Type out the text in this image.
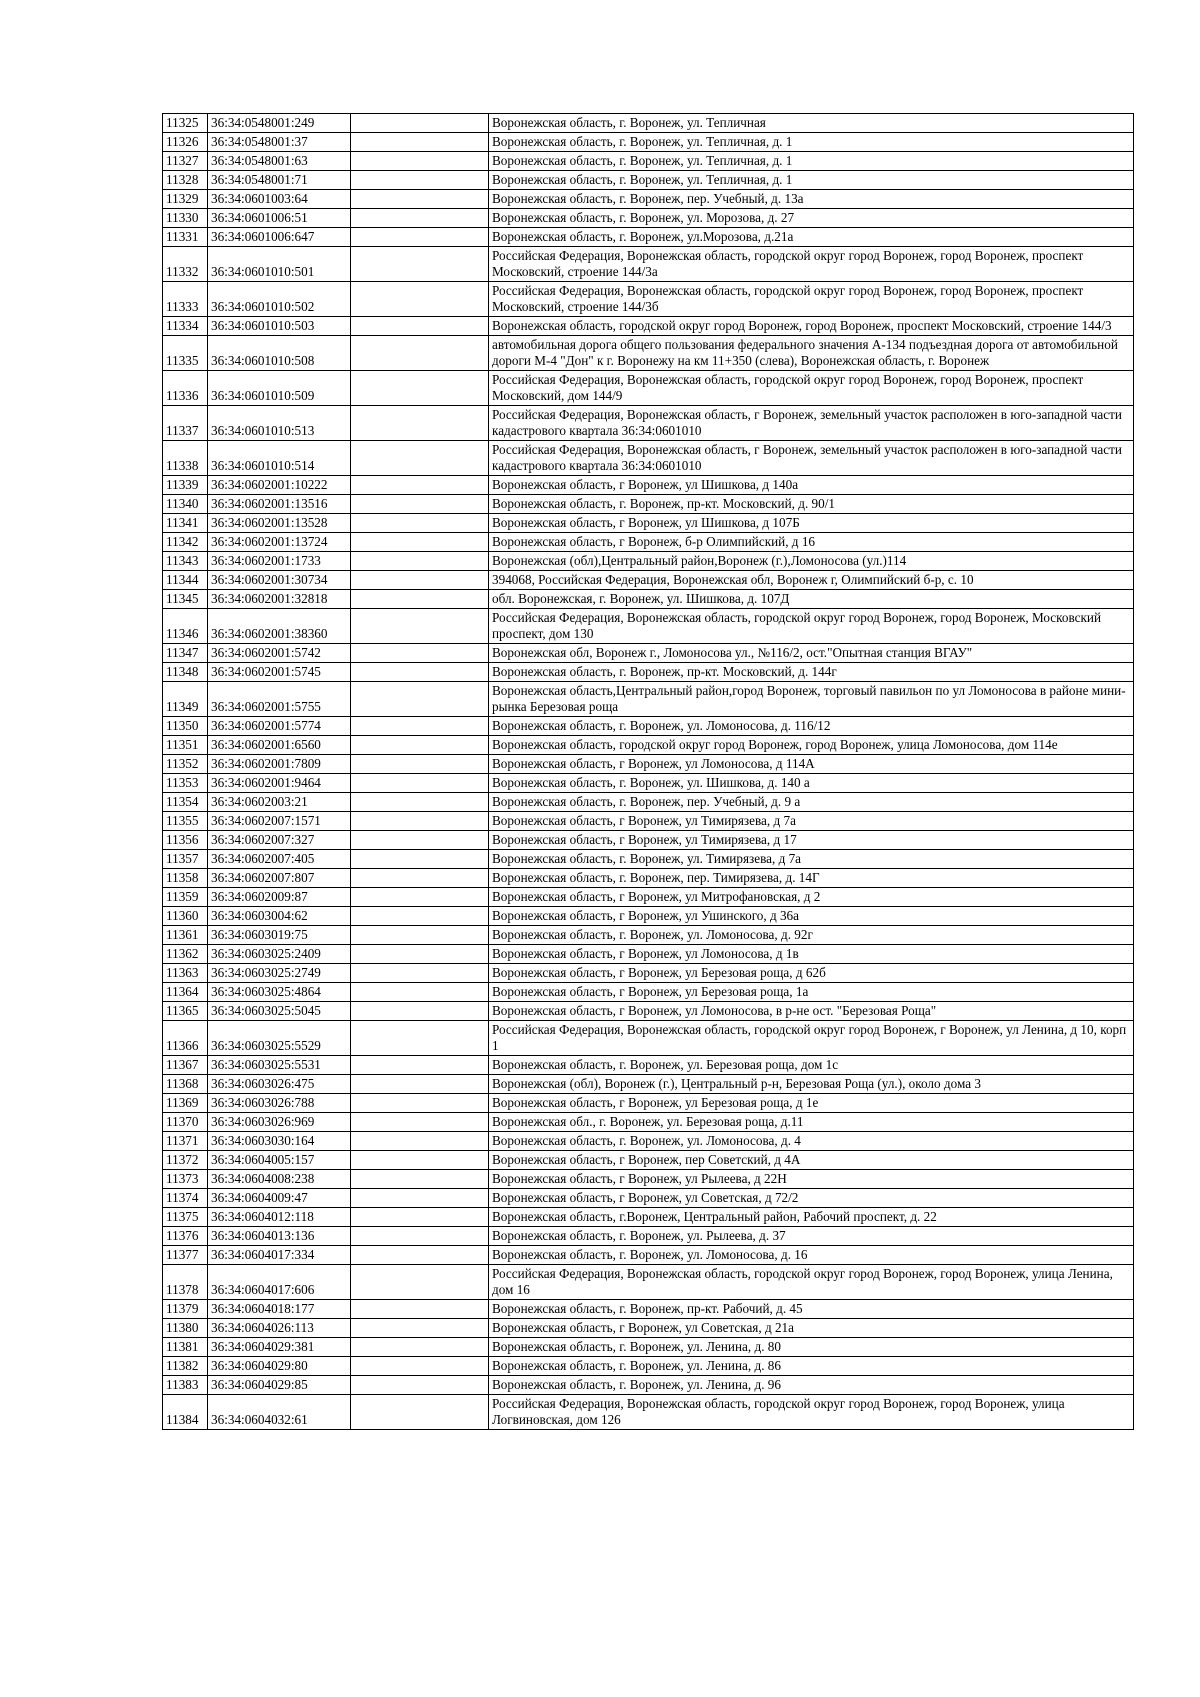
11325	36:34:0548001:249		Воронежская область, г. Воронеж, ул. Тепличная
11326	36:34:0548001:37		Воронежская область, г. Воронеж, ул. Тепличная, д. 1
11327	36:34:0548001:63		Воронежская область, г. Воронеж, ул. Тепличная, д. 1
11328	36:34:0548001:71		Воронежская область, г. Воронеж, ул. Тепличная, д. 1
11329	36:34:0601003:64		Воронежская область, г. Воронеж, пер. Учебный, д. 13а
11330	36:34:0601006:51		Воронежская область, г. Воронеж, ул. Морозова, д. 27
11331	36:34:0601006:647		Воронежская область, г. Воронеж, ул.Морозова, д.21а
11332	36:34:0601010:501		Российская Федерация, Воронежская область, городской округ город Воронеж, город Воронеж, проспект Московский, строение 144/3а
11333	36:34:0601010:502		Российская Федерация, Воронежская область, городской округ город Воронеж, город Воронеж, проспект Московский, строение 144/3б
11334	36:34:0601010:503		Воронежская область, городской округ город Воронеж, город Воронеж, проспект Московский, строение 144/3
11335	36:34:0601010:508		автомобильная дорога общего пользования федерального значения А-134 подъездная дорога от автомобильной дороги М-4 "Дон" к г. Воронежу на км 11+350 (слева), Воронежская область, г. Воронеж
11336	36:34:0601010:509		Российская Федерация, Воронежская область, городской округ город Воронеж, город Воронеж, проспект Московский, дом 144/9
11337	36:34:0601010:513		Российская Федерация, Воронежская область, г Воронеж, земельный участок расположен в юго-западной части кадастрового квартала 36:34:0601010
11338	36:34:0601010:514		Российская Федерация, Воронежская область, г Воронеж, земельный участок расположен в юго-западной части кадастрового квартала 36:34:0601010
11339	36:34:0602001:10222		Воронежская область, г Воронеж, ул Шишкова, д 140а
11340	36:34:0602001:13516		Воронежская область, г. Воронеж, пр-кт. Московский, д. 90/1
11341	36:34:0602001:13528		Воронежская область, г Воронеж, ул Шишкова, д 107Б
11342	36:34:0602001:13724		Воронежская область, г Воронеж, б-р Олимпийский, д 16
11343	36:34:0602001:1733		Воронежская (обл),Центральный район,Воронеж (г.),Ломоносова (ул.)114
11344	36:34:0602001:30734		394068, Российская Федерация, Воронежская обл, Воронеж г, Олимпийский б-р, с. 10
11345	36:34:0602001:32818		обл. Воронежская, г. Воронеж, ул. Шишкова, д. 107Д
11346	36:34:0602001:38360		Российская Федерация, Воронежская область, городской округ город Воронеж, город Воронеж, Московский проспект, дом 130
11347	36:34:0602001:5742		Воронежская обл, Воронеж г., Ломоносова ул., №116/2, ост."Опытная станция ВГАУ"
11348	36:34:0602001:5745		Воронежская область, г. Воронеж, пр-кт. Московский, д. 144г
11349	36:34:0602001:5755		Воронежская область,Центральный район,город Воронеж, торговый павильон по ул Ломоносова в районе мини-рынка Березовая роща
11350	36:34:0602001:5774		Воронежская область, г. Воронеж, ул. Ломоносова, д. 116/12
11351	36:34:0602001:6560		Воронежская область, городской округ город Воронеж, город Воронеж, улица Ломоносова, дом 114е
11352	36:34:0602001:7809		Воронежская область, г Воронеж, ул Ломоносова, д 114А
11353	36:34:0602001:9464		Воронежская область, г. Воронеж, ул. Шишкова, д. 140 а
11354	36:34:0602003:21		Воронежская область, г. Воронеж, пер. Учебный, д. 9 а
11355	36:34:0602007:1571		Воронежская область, г Воронеж, ул Тимирязева, д 7а
11356	36:34:0602007:327		Воронежская область, г Воронеж, ул Тимирязева, д 17
11357	36:34:0602007:405		Воронежская область, г. Воронеж, ул. Тимирязева, д 7а
11358	36:34:0602007:807		Воронежская область, г. Воронеж, пер. Тимирязева, д. 14Г
11359	36:34:0602009:87		Воронежская область, г Воронеж, ул Митрофановская, д 2
11360	36:34:0603004:62		Воронежская область, г Воронеж, ул Ушинского, д 36а
11361	36:34:0603019:75		Воронежская область, г. Воронеж, ул. Ломоносова, д. 92г
11362	36:34:0603025:2409		Воронежская область, г Воронеж, ул Ломоносова, д 1в
11363	36:34:0603025:2749		Воронежская область, г Воронеж, ул Березовая роща, д 62б
11364	36:34:0603025:4864		Воронежская область, г Воронеж, ул Березовая роща, 1а
11365	36:34:0603025:5045		Воронежская область, г Воронеж, ул Ломоносова, в р-не ост. "Березовая Роща"
11366	36:34:0603025:5529		Российская Федерация, Воронежская область, городской округ город Воронеж, г Воронеж, ул Ленина, д 10, корп 1
11367	36:34:0603025:5531		Воронежская область, г. Воронеж, ул. Березовая роща, дом 1с
11368	36:34:0603026:475		Воронежская (обл), Воронеж (г.), Центральный р-н, Березовая Роща (ул.), около дома 3
11369	36:34:0603026:788		Воронежская область, г Воронеж, ул Березовая роща, д 1е
11370	36:34:0603026:969		Воронежская обл., г. Воронеж, ул. Березовая роща, д.11
11371	36:34:0603030:164		Воронежская область, г. Воронеж, ул. Ломоносова, д. 4
11372	36:34:0604005:157		Воронежская область, г Воронеж, пер Советский, д 4А
11373	36:34:0604008:238		Воронежская область, г Воронеж, ул Рылеева, д 22Н
11374	36:34:0604009:47		Воронежская область, г Воронеж, ул Советская, д 72/2
11375	36:34:0604012:118		Воронежская область, г.Воронеж, Центральный район, Рабочий проспект, д. 22
11376	36:34:0604013:136		Воронежская область, г. Воронеж, ул. Рылеева, д. 37
11377	36:34:0604017:334		Воронежская область, г. Воронеж, ул. Ломоносова, д. 16
11378	36:34:0604017:606		Российская Федерация, Воронежская область, городской округ город Воронеж, город Воронеж, улица Ленина, дом 16
11379	36:34:0604018:177		Воронежская область, г. Воронеж, пр-кт. Рабочий, д. 45
11380	36:34:0604026:113		Воронежская область, г Воронеж, ул Советская, д 21а
11381	36:34:0604029:381		Воронежская область, г. Воронеж, ул. Ленина, д. 80
11382	36:34:0604029:80		Воронежская область, г. Воронеж, ул. Ленина, д. 86
11383	36:34:0604029:85		Воронежская область, г. Воронеж, ул. Ленина, д. 96
11384	36:34:0604032:61		Российская Федерация, Воронежская область, городской округ город Воронеж, город Воронеж, улица Логвиновская, дом 126
